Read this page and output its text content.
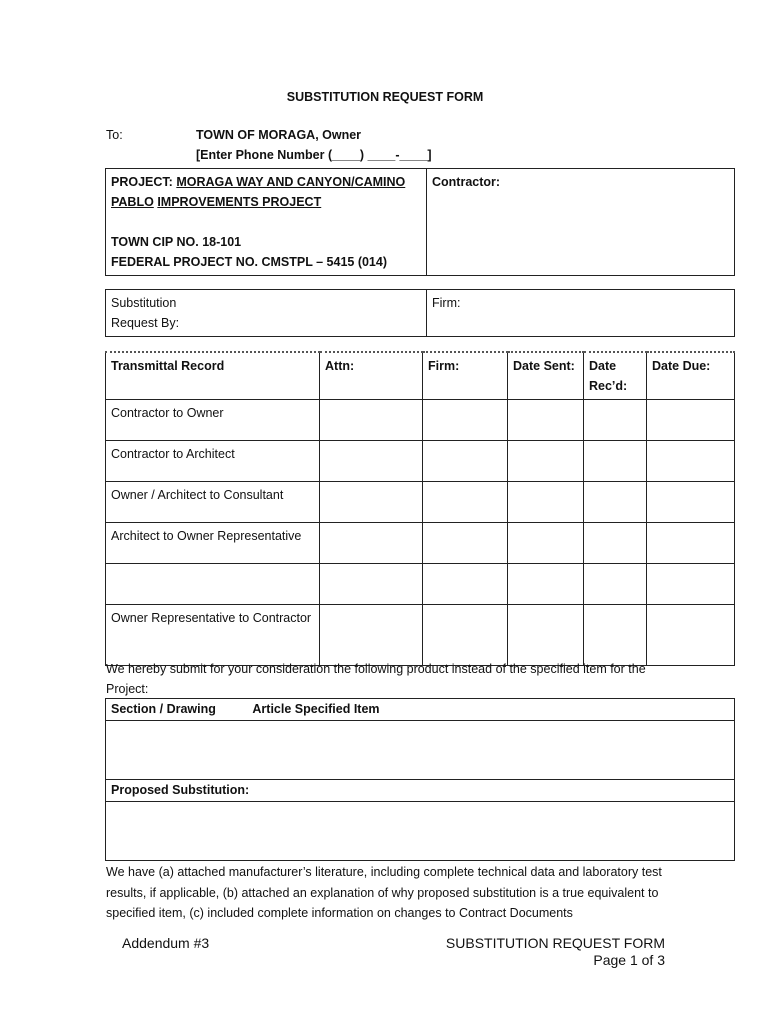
SUBSTITUTION REQUEST FORM
To:	TOWN OF MORAGA, Owner
[Enter Phone Number (____) ____-____]
PROJECT: MORAGA WAY AND CANYON/CAMINO
PABLO IMPROVEMENTS PROJECT
TOWN CIP NO. 18-101
FEDERAL PROJECT NO. CMSTPL – 5415 (014)

Contractor:
Substitution
Request By:

Firm:
Transmittal Record	Attn:	Firm:	Date Sent:	Date Rec’d:	Date Due:
Contractor to Owner					
Contractor to Architect					
Owner / Architect to Consultant					
Architect to Owner Representative					

Owner Representative to Contractor					
We hereby submit for your consideration the following product instead of the specified item for the Project:
Section / Drawing	Article Specified Item

Proposed Substitution:

We have (a) attached manufacturer’s literature, including complete technical data and laboratory test results, if applicable, (b) attached an explanation of why proposed substitution is a true equivalent to specified item, (c) included complete information on changes to Contract Documents
Addendum #3	SUBSTITUTION REQUEST FORM
Page 1 of 3
